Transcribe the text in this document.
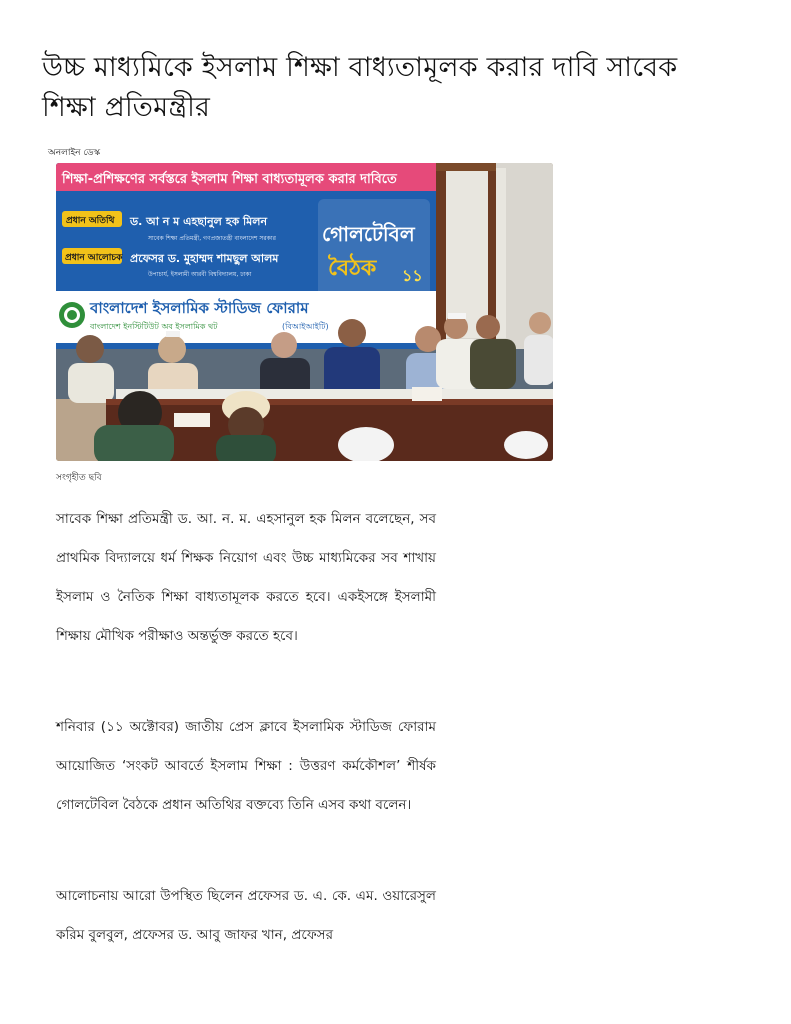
উচ্চ মাধ্যমিকে ইসলাম শিক্ষা বাধ্যতামূলক করার দাবি সাবেক শিক্ষা প্রতিমন্ত্রীর
অনলাইন ডেস্ক
শিক্ষা-প্রশিক্ষণের সর্বস্তরে ইসলাম শিক্ষা বাধ্যতামূলক করার দাবিতে
প্রধান অতিথি ড. আ ন ম এহছানুল হক মিলন
সাবেক শিক্ষা প্রতিমন্ত্রী, গণপ্রজাতন্ত্রী বাংলাদেশ সরকার
প্রধান আলোচক প্রফেসর ড. মুহাম্মদ শামছুল আলম
উপাচার্য, ইসলামী আরবী বিশ্ববিদ্যালয়, ঢাকা
গোলটেবিল
বৈঠক ১১
বাংলাদেশ ইসলামিক স্টাডিজ ফোরাম
বাংলাদেশ ইনস্টিটিউট অব ইসলামিক থট	(বিআইআইটি)
সংগৃহীত ছবি

সাবেক শিক্ষা প্রতিমন্ত্রী ড. আ. ন. ম. এহসানুল হক মিলন বলেছেন, সব প্রাথমিক বিদ্যালয়ে ধর্ম শিক্ষক নিয়োগ এবং উচ্চ মাধ্যমিকের সব শাখায় ইসলাম ও নৈতিক শিক্ষা বাধ্যতামূলক করতে হবে। একইসঙ্গে ইসলামী শিক্ষায় মৌখিক পরীক্ষাও অন্তর্ভুক্ত করতে হবে।

শনিবার (১১ অক্টোবর) জাতীয় প্রেস ক্লাবে ইসলামিক স্টাডিজ ফোরাম আয়োজিত ‘সংকট আবর্তে ইসলাম শিক্ষা : উত্তরণ কর্মকৌশল’ শীর্ষক গোলটেবিল বৈঠকে প্রধান অতিথির বক্তব্যে তিনি এসব কথা বলেন।

আলোচনায় আরো উপস্থিত ছিলেন প্রফেসর ড. এ. কে. এম. ওয়ারেসুল করিম বুলবুল, প্রফেসর ড. আবু জাফর খান, প্রফেসর
